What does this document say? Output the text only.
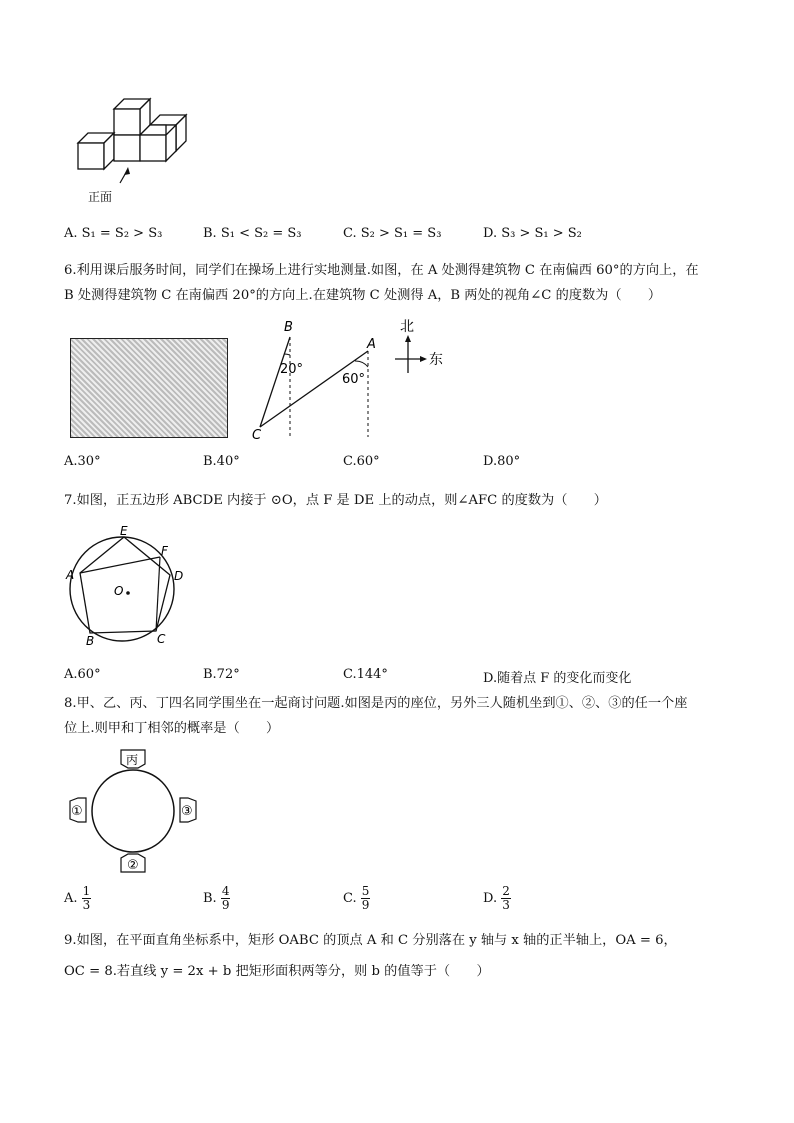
正面
A. S₁ = S₂ > S₃	B. S₁ < S₂ = S₃	C. S₂ > S₁ = S₃	D. S₃ > S₁ > S₂
6.利用课后服务时间，同学们在操场上进行实地测量.如图，在 A 处测得建筑物 C 在南偏西 60°的方向上，在
B 处测得建筑物 C 在南偏西 20°的方向上.在建筑物 C 处测得 A，B 两处的视角∠C 的度数为（　　）
B
20°
A
60°
C
北
东
A.30°	B.40°	C.60°	D.80°
7.如图，正五边形 ABCDE 内接于 ⊙O，点 F 是 DE 上的动点，则∠AFC 的度数为（　　）
E
F
D
A
O
B	C
A.60°	B.72°	C.144°	D.随着点 F 的变化而变化
8.甲、乙、丙、丁四名同学围坐在一起商讨问题.如图是丙的座位，另外三人随机坐到①、②、③的任一个座
位上.则甲和丁相邻的概率是（　　）
丙
①
②
③
A. $\frac{1}{3}$	B. $\frac{4}{9}$	C. $\frac{5}{9}$	D. $\frac{2}{3}$
9.如图，在平面直角坐标系中，矩形 OABC 的顶点 A 和 C 分别落在 y 轴与 x 轴的正半轴上，OA = 6，
OC = 8.若直线 y = 2x + b 把矩形面积两等分，则 b 的值等于（　　）
